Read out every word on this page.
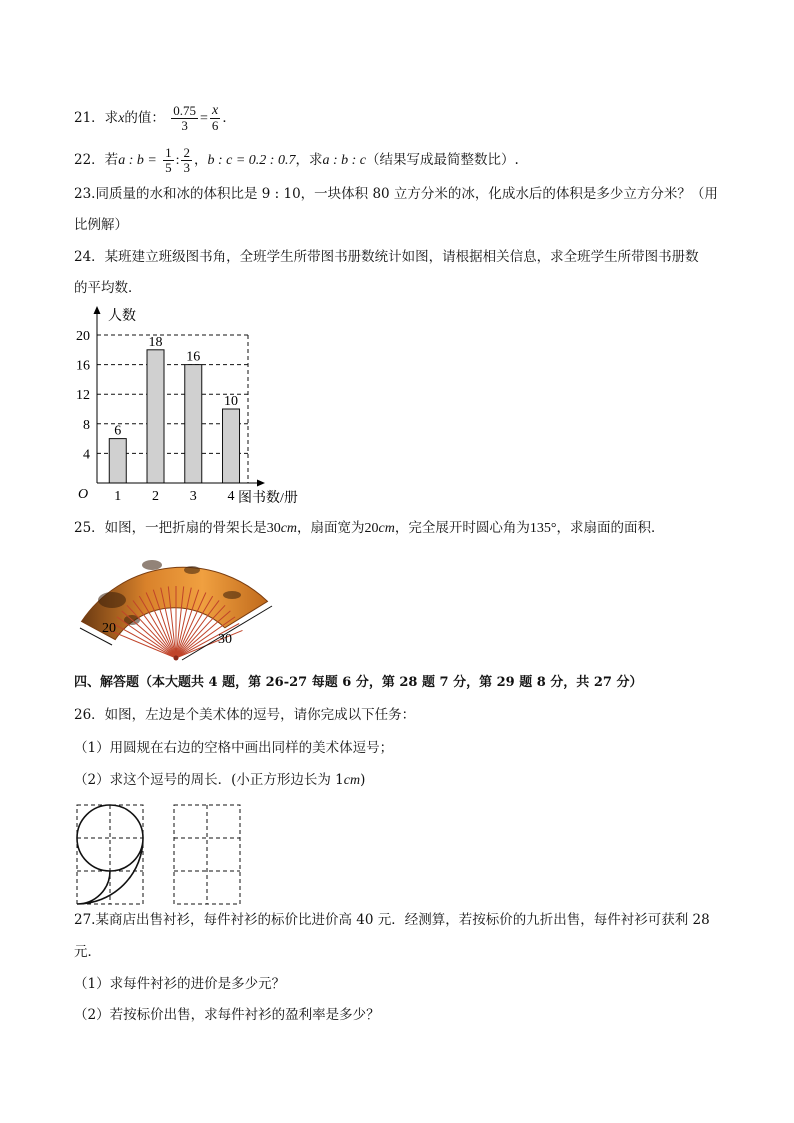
21．求x的值： $\frac{0.75}{3} = \frac{x}{6}$ ．
22．若a : $b = \frac{1}{5}$ : $\frac{2}{3}$ ，b : c = 0.2 : 0.7，求a : b : c（结果写成最简整数比）.
23.同质量的水和冰的体积比是 9 : 10，一块体积 80 立方分米的冰，化成水后的体积是多少立方分米？（用
比例解）
24．某班建立班级图书角，全班学生所带图书册数统计如图，请根据相关信息，求全班学生所带图书册数
的平均数．
人数
图书数/册
O
4
8
12
16
20
6
1
18
2
16
3
10
4
25．如图，一把折扇的骨架长是30cm，扇面宽为20cm，完全展开时圆心角为135°，求扇面的面积．
20
30
四、解答题（本大题共 4 题，第 26-27 每题 6 分，第 28 题 7 分，第 29 题 8 分，共 27 分）
26．如图，左边是个美术体的逗号，请你完成以下任务：
（1）用圆规在右边的空格中画出同样的美术体逗号；
（2）求这个逗号的周长．(小正方形边长为 1cm)
27.某商店出售衬衫，每件衬衫的标价比进价高 40 元．经测算，若按标价的九折出售，每件衬衫可获利 28
元．
（1）求每件衬衫的进价是多少元？
（2）若按标价出售，求每件衬衫的盈利率是多少？
